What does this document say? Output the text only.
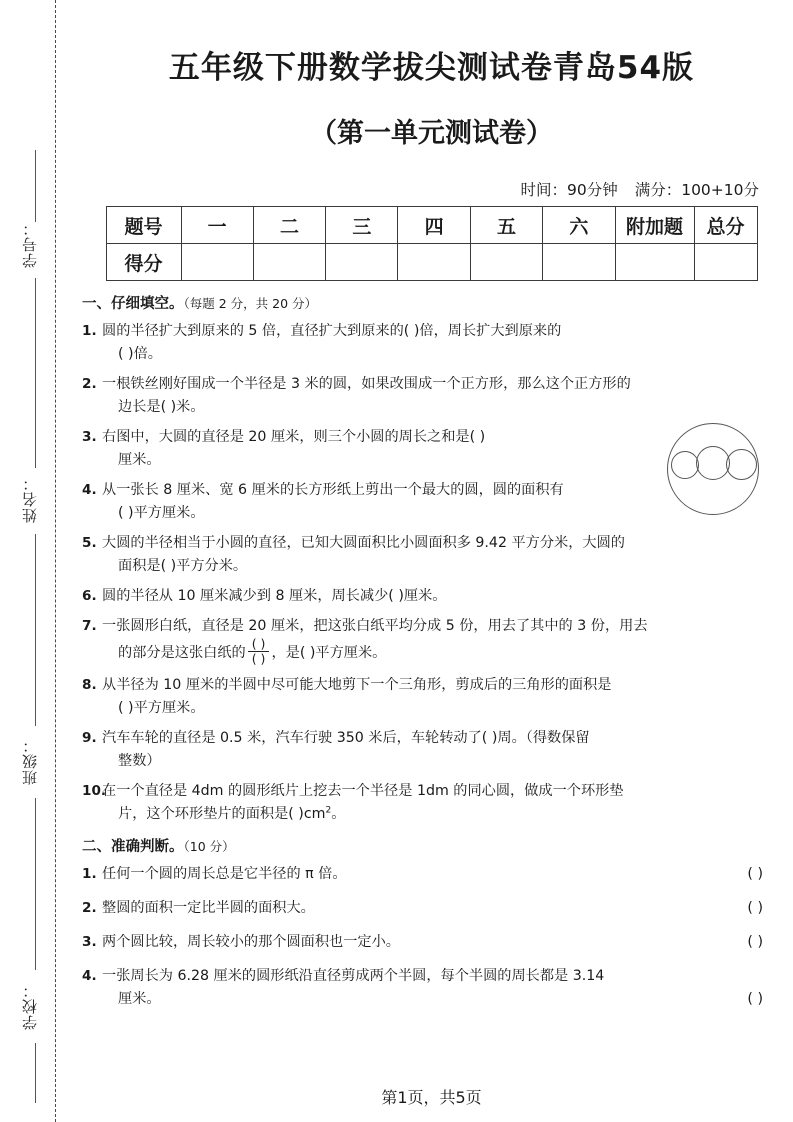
学号：
姓名：
班级：
学校：
五年级下册数学拔尖测试卷青岛54版
（第一单元测试卷）
时间：90分钟 满分：100+10分
题号	一	二	三	四	五	六	附加题	总分
得分								
一、仔细填空。（每题 2 分，共 20 分）
1. 圆的半径扩大到原来的 5 倍，直径扩大到原来的( )倍，周长扩大到原来的

( )倍。
2. 一根铁丝刚好围成一个半径是 3 米的圆，如果改围成一个正方形，那么这个正方形的

边长是( )米。
3. 右图中，大圆的直径是 20 厘米，则三个小圆的周长之和是( )

厘米。
4. 从一张长 8 厘米、宽 6 厘米的长方形纸上剪出一个最大的圆，圆的面积有

( )平方厘米。
5. 大圆的半径相当于小圆的直径，已知大圆面积比小圆面积多 9.42 平方分米，大圆的

面积是( )平方分米。
6. 圆的半径从 10 厘米减少到 8 厘米，周长减少( )厘米。
7. 一张圆形白纸，直径是 20 厘米，把这张白纸平均分成 5 份，用去了其中的 3 份，用去

的部分是这张白纸的 $\frac{( )}{( )}$ ，是( )平方厘米。
8. 从半径为 10 厘米的半圆中尽可能大地剪下一个三角形，剪成后的三角形的面积是

( )平方厘米。
9. 汽车车轮的直径是 0.5 米，汽车行驶 350 米后，车轮转动了( )周。（得数保留

整数）
10.
在一个直径是 4dm 的圆形纸片上挖去一个半径是 1dm 的同心圆，做成一个环形垫

片，这个环形垫片的面积是( )$cm^2$。
二、准确判断。（10 分）
1.	( )
任何一个圆的周长总是它半径的 π 倍。
2.	( )
整圆的面积一定比半圆的面积大。
3.	( )
两个圆比较，周长较小的那个圆面积也一定小。
4. 一张周长为 6.28 厘米的圆形纸沿直径剪成两个半圆，每个半圆的周长都是 3.14

( )
厘米。
第1页，共5页
